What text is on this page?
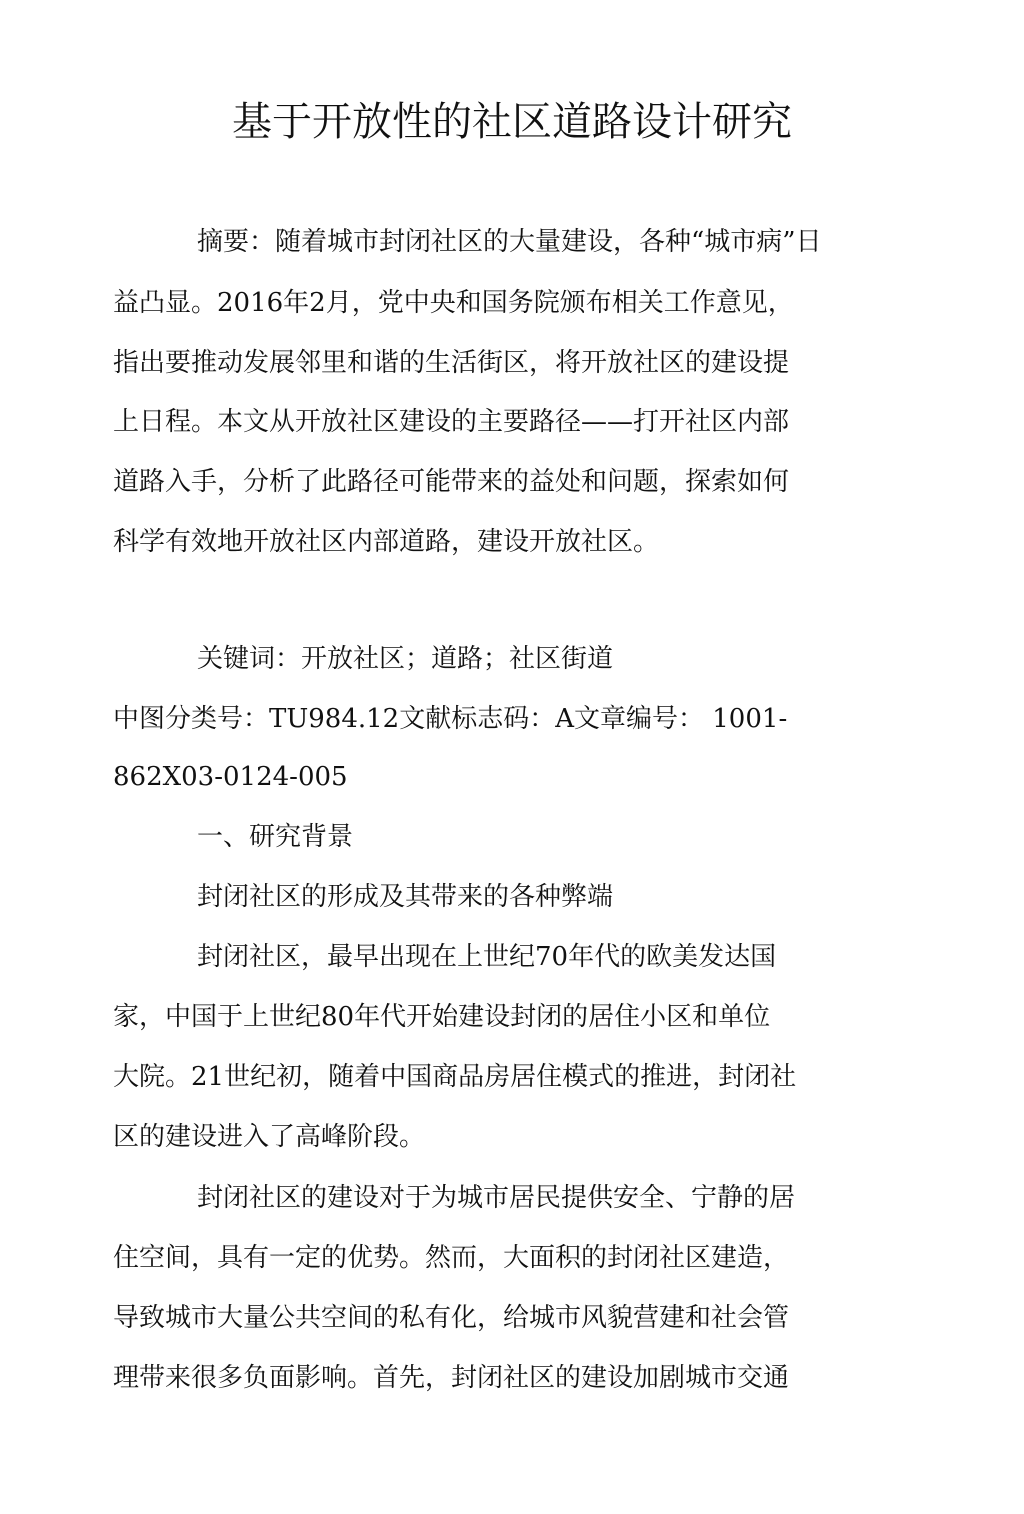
基于开放性的社区道路设计研究

摘要：随着城市封闭社区的大量建设，各种“城市病”日

益凸显。2016年2月，党中央和国务院颁布相关工作意见，

指出要推动发展邻里和谐的生活街区，将开放社区的建设提

上日程。本文从开放社区建设的主要路径——打开社区内部

道路入手，分析了此路径可能带来的益处和问题，探索如何

科学有效地开放社区内部道路，建设开放社区。

关键词：开放社区；道路；社区街道

中图分类号：TU984.12文献标志码：A文章编号： 1001-

862X03-0124-005

一、研究背景

封闭社区的形成及其带来的各种弊端

封闭社区，最早出现在上世纪70年代的欧美发达国

家，中国于上世纪80年代开始建设封闭的居住小区和单位

大院。21世纪初，随着中国商品房居住模式的推进，封闭社

区的建设进入了高峰阶段。

封闭社区的建设对于为城市居民提供安全、宁静的居

住空间，具有一定的优势。然而，大面积的封闭社区建造，

导致城市大量公共空间的私有化，给城市风貌营建和社会管

理带来很多负面影响。首先，封闭社区的建设加剧城市交通
